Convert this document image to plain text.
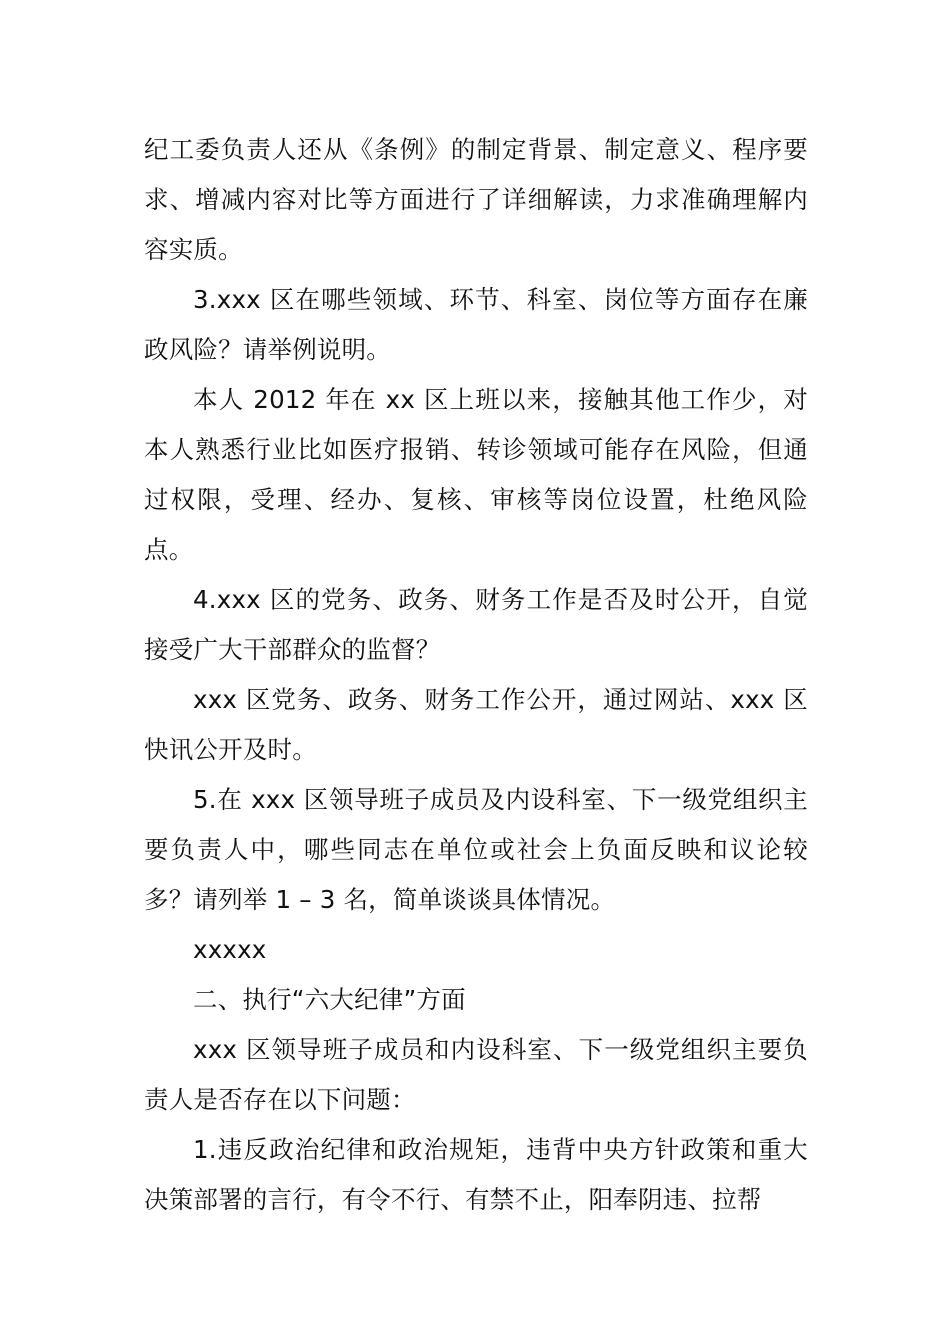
纪工委负责人还从《条例》的制定背景、制定意义、程序要求、增减内容对比等方面进行了详细解读，力求准确理解内容实质。

3.xxx 区在哪些领域、环节、科室、岗位等方面存在廉政风险？请举例说明。

本人 2012 年在 xx 区上班以来，接触其他工作少，对本人熟悉行业比如医疗报销、转诊领域可能存在风险，但通过权限，受理、经办、复核、审核等岗位设置，杜绝风险点。

4.xxx 区的党务、政务、财务工作是否及时公开，自觉接受广大干部群众的监督？

xxx 区党务、政务、财务工作公开，通过网站、xxx 区快讯公开及时。

5.在 xxx 区领导班子成员及内设科室、下一级党组织主要负责人中，哪些同志在单位或社会上负面反映和议论较多？请列举 1 – 3 名，简单谈谈具体情况。

xxxxx

二、执行“六大纪律”方面

xxx 区领导班子成员和内设科室、下一级党组织主要负责人是否存在以下问题：

1.违反政治纪律和政治规矩，违背中央方针政策和重大决策部署的言行，有令不行、有禁不止，阳奉阴违、拉帮
